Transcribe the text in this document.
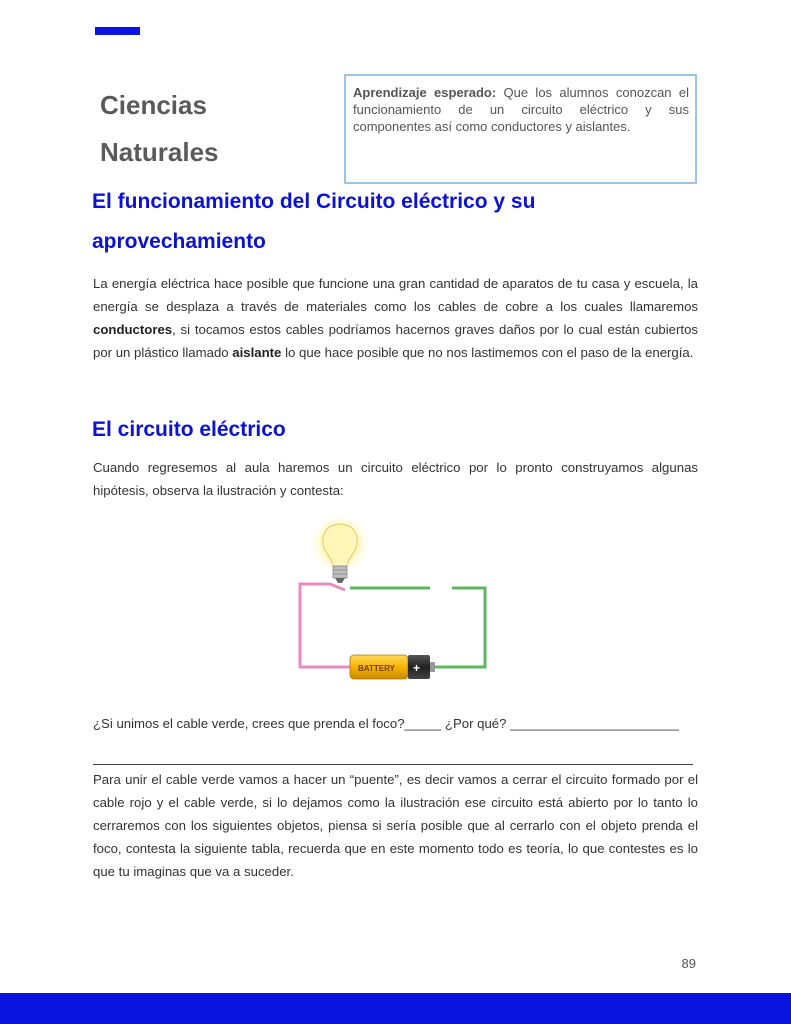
Ciencias
Naturales
Aprendizaje esperado: Que los alumnos conozcan el funcionamiento de un circuito eléctrico y sus componentes así como conductores y aislantes.
El funcionamiento del Circuito eléctrico y su aprovechamiento
La energía eléctrica hace posible que funcione una gran cantidad de aparatos de tu casa y escuela, la energía se desplaza a través de materiales como los cables de cobre a los cuales llamaremos conductores, si tocamos estos cables podríamos hacernos graves daños por lo cual están cubiertos por un plástico llamado aislante lo que hace posible que no nos lastimemos con el paso de la energía.
El circuito eléctrico
Cuando regresemos al aula haremos un circuito eléctrico por lo pronto construyamos algunas hipótesis, observa la ilustración y contesta:
BATTERY +
¿Si unimos el cable verde, crees que prenda el foco?_____ ¿Por qué? _______________________
Para unir el cable verde vamos a hacer un “puente”, es decir vamos a cerrar el circuito formado por el cable rojo y el cable verde, si lo dejamos como la ilustración ese circuito está abierto por lo tanto lo cerraremos con los siguientes objetos, piensa si sería posible que al cerrarlo con el objeto prenda el foco, contesta la siguiente tabla, recuerda que en este momento todo es teoría, lo que contestes es lo que tu imaginas que va a suceder.
89
